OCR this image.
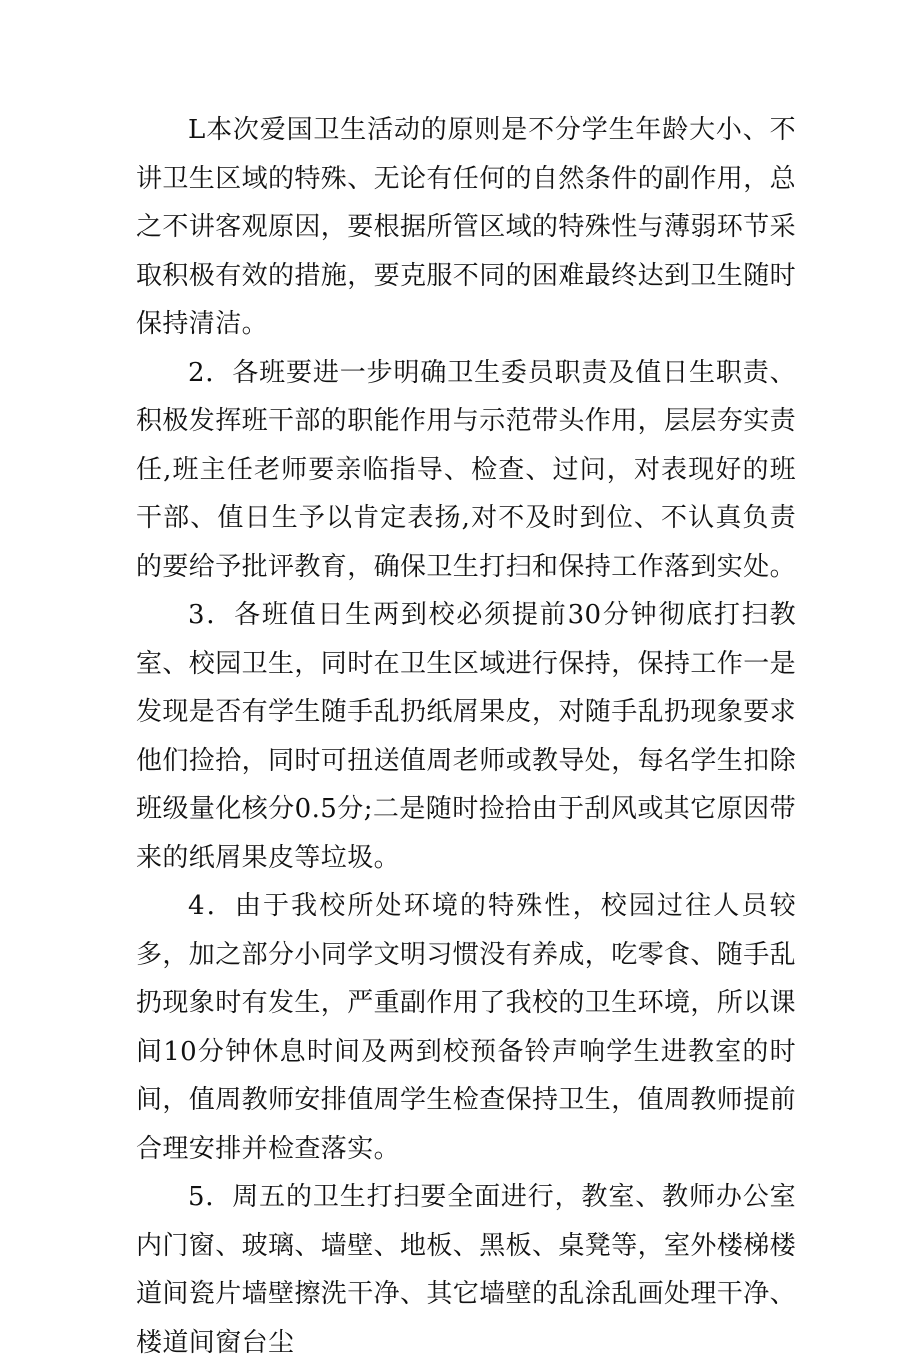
L本次爱国卫生活动的原则是不分学生年龄大小、不讲卫生区域的特殊、无论有任何的自然条件的副作用，总之不讲客观原因，要根据所管区域的特殊性与薄弱环节采取积极有效的措施，要克服不同的困难最终达到卫生随时保持清洁。

2．各班要进一步明确卫生委员职责及值日生职责、积极发挥班干部的职能作用与示范带头作用，层层夯实责任,班主任老师要亲临指导、检查、过问，对表现好的班干部、值日生予以肯定表扬,对不及时到位、不认真负责的要给予批评教育，确保卫生打扫和保持工作落到实处。

3．各班值日生两到校必须提前30分钟彻底打扫教室、校园卫生，同时在卫生区域进行保持，保持工作一是发现是否有学生随手乱扔纸屑果皮，对随手乱扔现象要求他们捡拾，同时可扭送值周老师或教导处，每名学生扣除班级量化核分0.5分;二是随时捡拾由于刮风或其它原因带来的纸屑果皮等垃圾。

4．由于我校所处环境的特殊性，校园过往人员较多，加之部分小同学文明习惯没有养成，吃零食、随手乱扔现象时有发生，严重副作用了我校的卫生环境，所以课间10分钟休息时间及两到校预备铃声响学生进教室的时间，值周教师安排值周学生检查保持卫生，值周教师提前合理安排并检查落实。

5．周五的卫生打扫要全面进行，教室、教师办公室内门窗、玻璃、墙壁、地板、黑板、桌凳等，室外楼梯楼道间瓷片墙壁擦洗干净、其它墙壁的乱涂乱画处理干净、楼道间窗台尘
